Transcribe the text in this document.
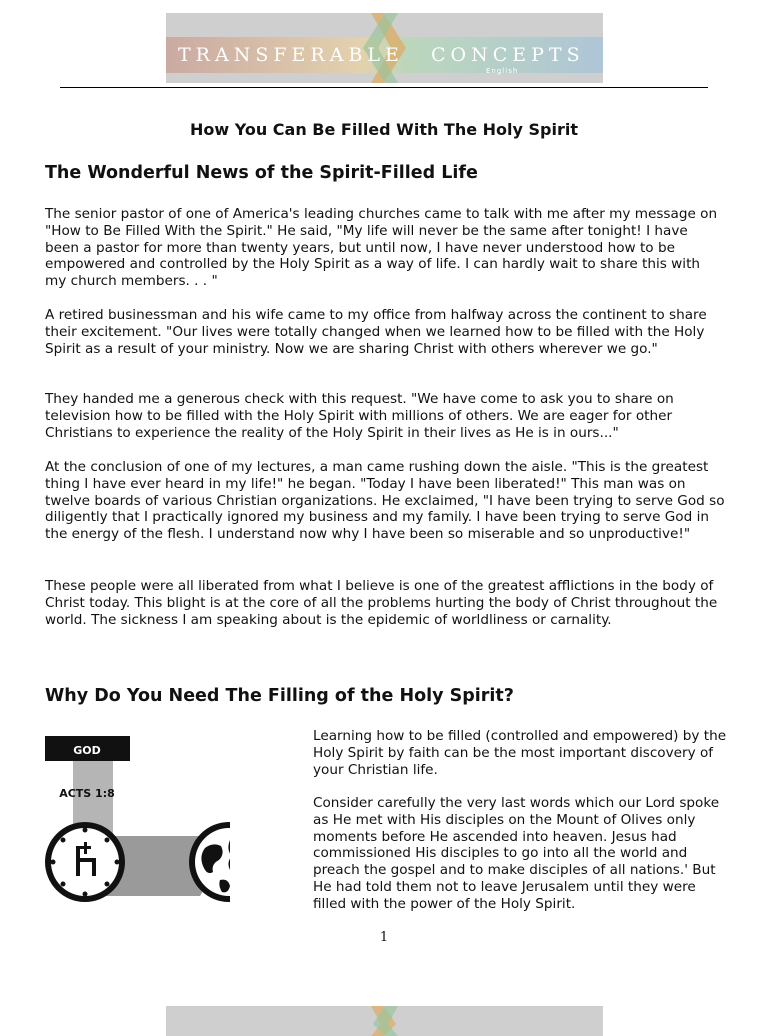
TRANSFERABLE CONCEPTS
English
How You Can Be Filled With The Holy Spirit
The Wonderful News of the Spirit-Filled Life

The senior pastor of one of America's leading churches came to talk with me after my message on "How to Be Filled With the Spirit." He said, "My life will never be the same after tonight! I have been a pastor for more than twenty years, but until now, I have never understood how to be empowered and controlled by the Holy Spirit as a way of life. I can hardly wait to share this with my church members. . . "

A retired businessman and his wife came to my office from halfway across the continent to share their excitement. "Our lives were totally changed when we learned how to be filled with the Holy Spirit as a result of your ministry. Now we are sharing Christ with others wherever we go."

They handed me a generous check with this request. "We have come to ask you to share on television how to be filled with the Holy Spirit with millions of others. We are eager for other Christians to experience the reality of the Holy Spirit in their lives as He is in ours..."

At the conclusion of one of my lectures, a man came rushing down the aisle. "This is the greatest thing I have ever heard in my life!" he began. "Today I have been liberated!" This man was on twelve boards of various Christian organizations. He exclaimed, "I have been trying to serve God so diligently that I practically ignored my business and my family. I have been trying to serve God in the energy of the flesh. I understand now why I have been so miserable and so unproductive!"

These people were all liberated from what I believe is one of the greatest afflictions in the body of Christ today. This blight is at the core of all the problems hurting the body of Christ throughout the world. The sickness I am speaking about is the epidemic of worldliness or carnality.

Why Do You Need The Filling of the Holy Spirit?
GOD
ACTS 1:8

Learning how to be filled (controlled and empowered) by the Holy Spirit by faith can be the most important discovery of your Christian life.

Consider carefully the very last words which our Lord spoke as He met with His disciples on the Mount of Olives only moments before He ascended into heaven. Jesus had commissioned His disciples to go into all the world and preach the gospel and to make disciples of all nations.' But He had told them not to leave Jerusalem until they were filled with the power of the Holy Spirit.

1
